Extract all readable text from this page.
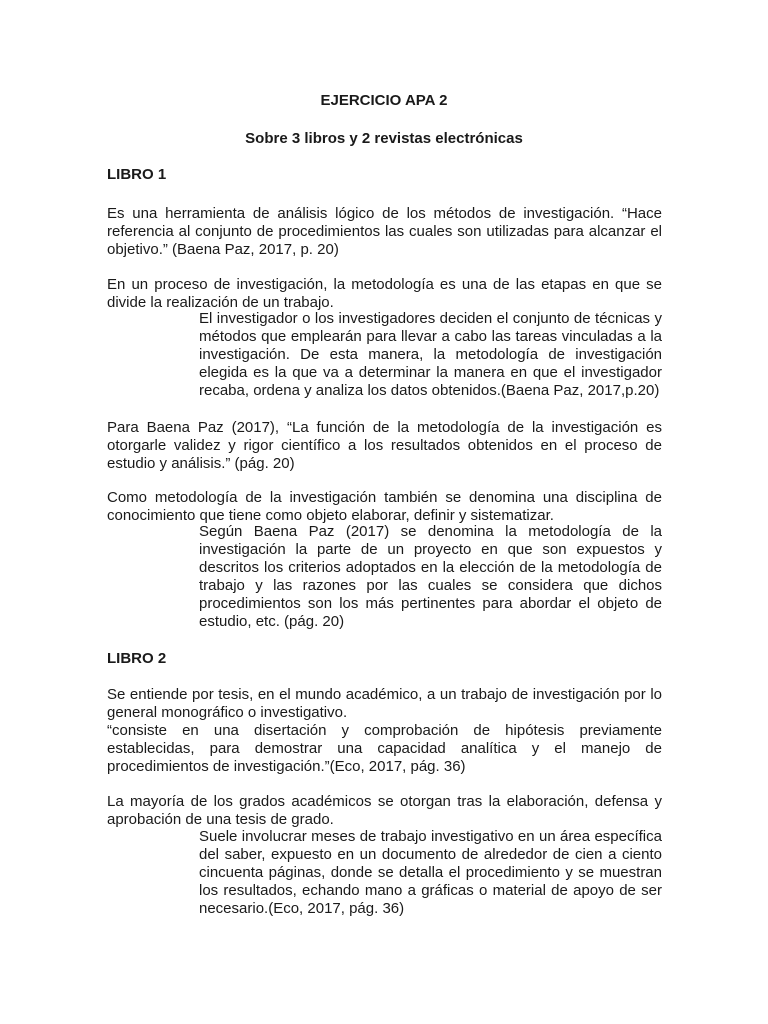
EJERCICIO APA 2
Sobre 3 libros y 2 revistas electrónicas
LIBRO 1

Es una herramienta de análisis lógico de los métodos de investigación. “Hace referencia al conjunto de procedimientos las cuales son utilizadas para alcanzar el objetivo.” (Baena Paz, 2017, p. 20)

En un proceso de investigación, la metodología es una de las etapas en que se divide la realización de un trabajo.

El investigador o los investigadores deciden el conjunto de técnicas y métodos que emplearán para llevar a cabo las tareas vinculadas a la investigación. De esta manera, la metodología de investigación elegida es la que va a determinar la manera en que el investigador recaba, ordena y analiza los datos obtenidos.(Baena Paz, 2017,p.20)

Para Baena Paz (2017), “La función de la metodología de la investigación es otorgarle validez y rigor científico a los resultados obtenidos en el proceso de estudio y análisis.” (pág. 20)

Como metodología de la investigación también se denomina una disciplina de conocimiento que tiene como objeto elaborar, definir y sistematizar.

Según Baena Paz (2017) se denomina la metodología de la investigación la parte de un proyecto en que son expuestos y descritos los criterios adoptados en la elección de la metodología de trabajo y las razones por las cuales se considera que dichos procedimientos son los más pertinentes para abordar el objeto de estudio, etc. (pág. 20)

LIBRO 2

Se entiende por tesis, en el mundo académico, a un trabajo de investigación por lo general monográfico o investigativo.

“consiste en una disertación y comprobación de hipótesis previamente establecidas, para demostrar una capacidad analítica y el manejo de procedimientos de investigación.”(Eco, 2017, pág. 36)

La mayoría de los grados académicos se otorgan tras la elaboración, defensa y aprobación de una tesis de grado.

Suele involucrar meses de trabajo investigativo en un área específica del saber, expuesto en un documento de alrededor de cien a ciento cincuenta páginas, donde se detalla el procedimiento y se muestran los resultados, echando mano a gráficas o material de apoyo de ser necesario.(Eco, 2017, pág. 36)
